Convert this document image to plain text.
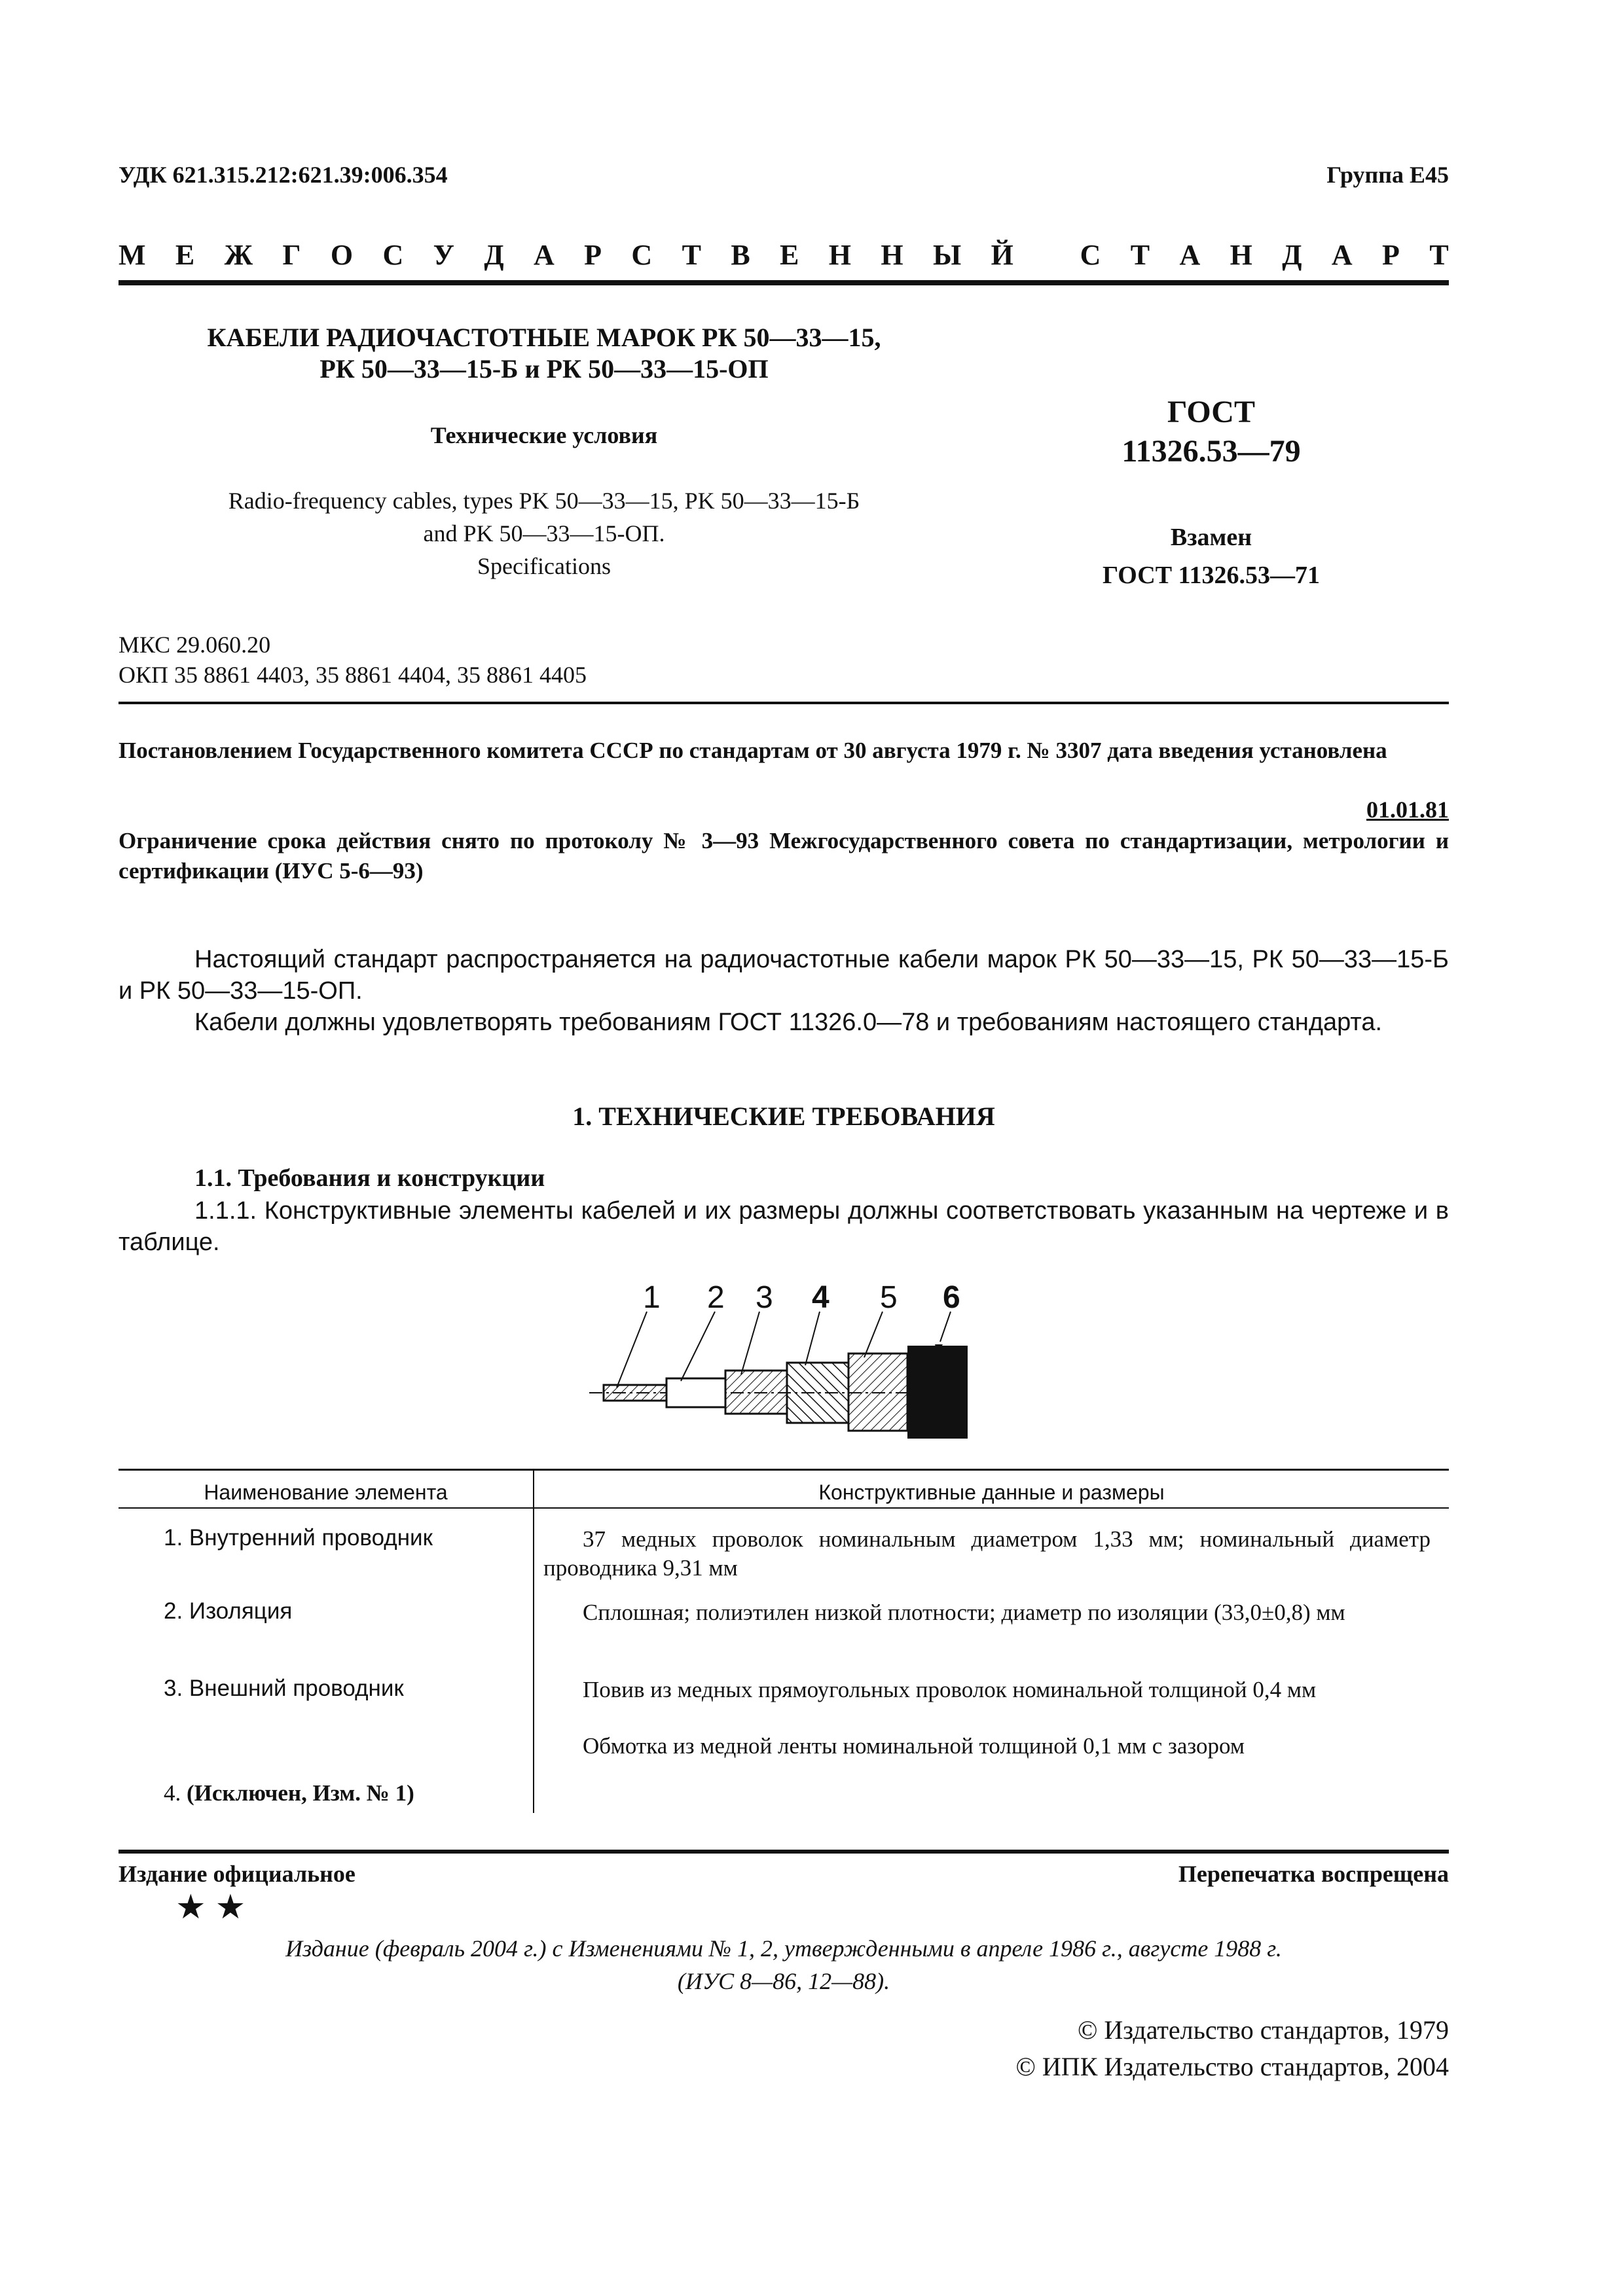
УДК 621.315.212:621.39:006.354	Группа Е45
М Е Ж Г О С У Д А Р С Т В Е Н Н Ы Й
С Т А Н Д А Р Т
КАБЕЛИ РАДИОЧАСТОТНЫЕ МАРОК РК 50—33—15,
РК 50—33—15-Б и РК 50—33—15-ОП
Технические условия
Radio-frequency cables, types PK 50—33—15, PK 50—33—15-Б
and PK 50—33—15-ОП.
Specifications
ГОСТ
11326.53—79
Взамен
ГОСТ 11326.53—71
МКС 29.060.20
ОКП 35 8861 4403, 35 8861 4404, 35 8861 4405
Постановлением Государственного комитета СССР по стандартам от 30 августа 1979 г. № 3307 дата введения установлена
01.01.81
Ограничение срока действия снято по протоколу № 3—93 Межгосударственного совета по стандартизации, метрологии и сертификации (ИУС 5-6—93)
Настоящий стандарт распространяется на радиочастотные кабели марок РК 50—33—15, РК 50—33—15-Б и РК 50—33—15-ОП.
Кабели должны удовлетворять требованиям ГОСТ 11326.0—78 и требованиям настоящего стандарта.
1. ТЕХНИЧЕСКИЕ ТРЕБОВАНИЯ
1.1. Требования и конструкции
1.1.1. Конструктивные элементы кабелей и их размеры должны соответствовать указанным на чертеже и в таблице.
1 2 3 4 5 6
Наименование элемента	Конструктивные данные и размеры
1. Внутренний проводник	37 медных проволок номинальным диаметром 1,33 мм; номинальный диаметр проводника 9,31 мм
2. Изоляция	Сплошная; полиэтилен низкой плотности; диаметр по изоляции (33,0±0,8) мм
3. Внешний проводник	Повив из медных прямоугольных проволок номинальной толщиной 0,4 мм
Обмотка из медной ленты номинальной толщиной 0,1 мм с зазором
4. (Исключен, Изм. № 1)
Издание официальное	Перепечатка воспрещена
★★
Издание (февраль 2004 г.) с Изменениями № 1, 2, утвержденными в апреле 1986 г., августе 1988 г.
(ИУС 8—86, 12—88).
© Издательство стандартов, 1979
© ИПК Издательство стандартов, 2004
